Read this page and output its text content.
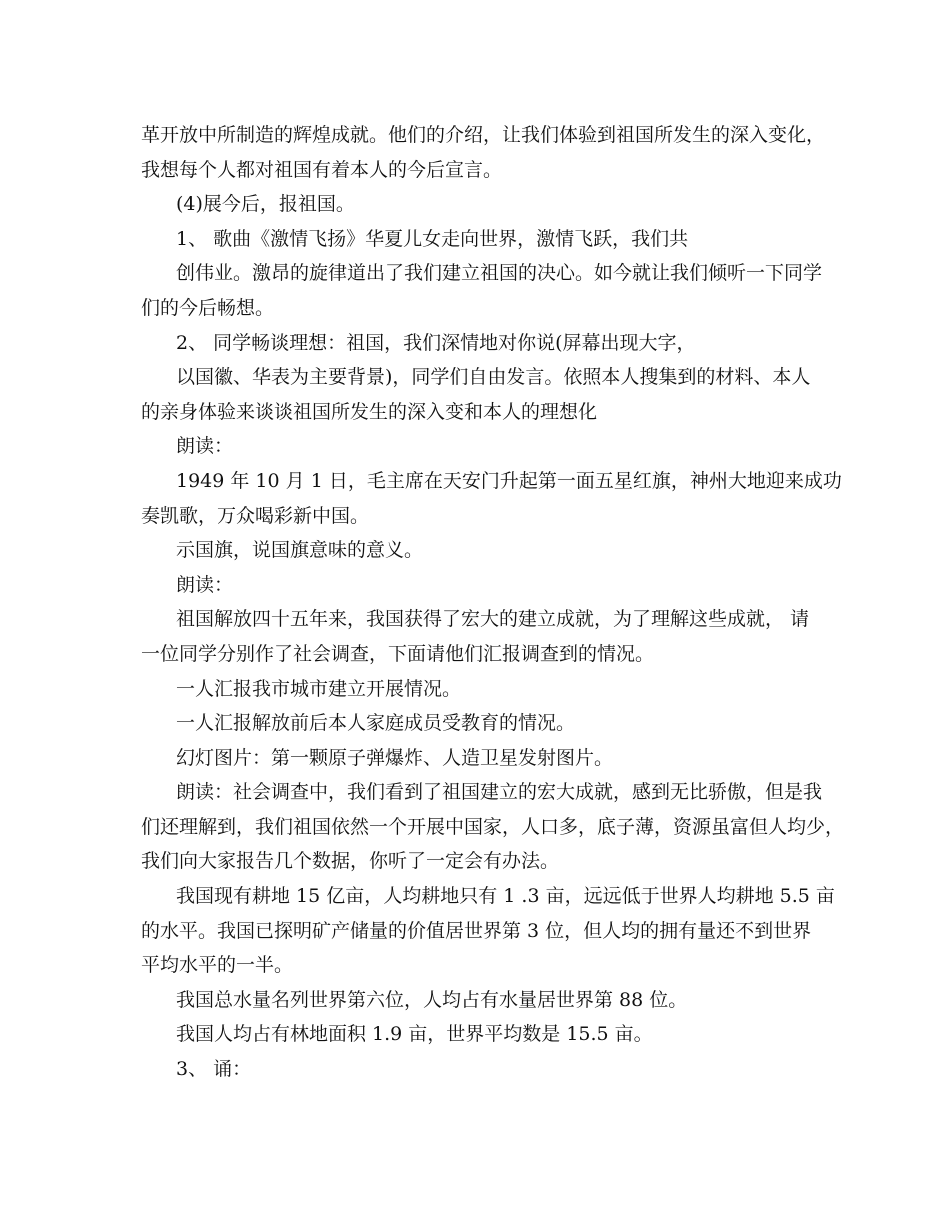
革开放中所制造的辉煌成就。他们的介绍，让我们体验到祖国所发生的深入变化，
我想每个人都对祖国有着本人的今后宣言。
(4)展今后，报祖国。
1、 歌曲《激情飞扬》华夏儿女走向世界，激情飞跃，我们共
创伟业。激昂的旋律道出了我们建立祖国的决心。如今就让我们倾听一下同学
们的今后畅想。
2、 同学畅谈理想：祖国，我们深情地对你说(屏幕出现大字，
以国徽、华表为主要背景)，同学们自由发言。依照本人搜集到的材料、本人
的亲身体验来谈谈祖国所发生的深入变和本人的理想化
朗读：
1949 年 10 月 1 日，毛主席在天安门升起第一面五星红旗，神州大地迎来成功
奏凯歌，万众喝彩新中国。
示国旗，说国旗意味的意义。
朗读：
祖国解放四十五年来，我国获得了宏大的建立成就，为了理解这些成就， 请
一位同学分别作了社会调查，下面请他们汇报调查到的情况。
一人汇报我市城市建立开展情况。
一人汇报解放前后本人家庭成员受教育的情况。
幻灯图片：第一颗原子弹爆炸、人造卫星发射图片。
朗读：社会调查中，我们看到了祖国建立的宏大成就，感到无比骄傲，但是我
们还理解到，我们祖国依然一个开展中国家，人口多，底子薄，资源虽富但人均少，
我们向大家报告几个数据，你听了一定会有办法。
我国现有耕地 15 亿亩，人均耕地只有 1 .3 亩，远远低于世界人均耕地 5.5 亩
的水平。我国已探明矿产储量的价值居世界第 3 位，但人均的拥有量还不到世界
平均水平的一半。
我国总水量名列世界第六位，人均占有水量居世界第 88 位。
我国人均占有林地面积 1.9 亩，世界平均数是 15.5 亩。
3、 诵：
